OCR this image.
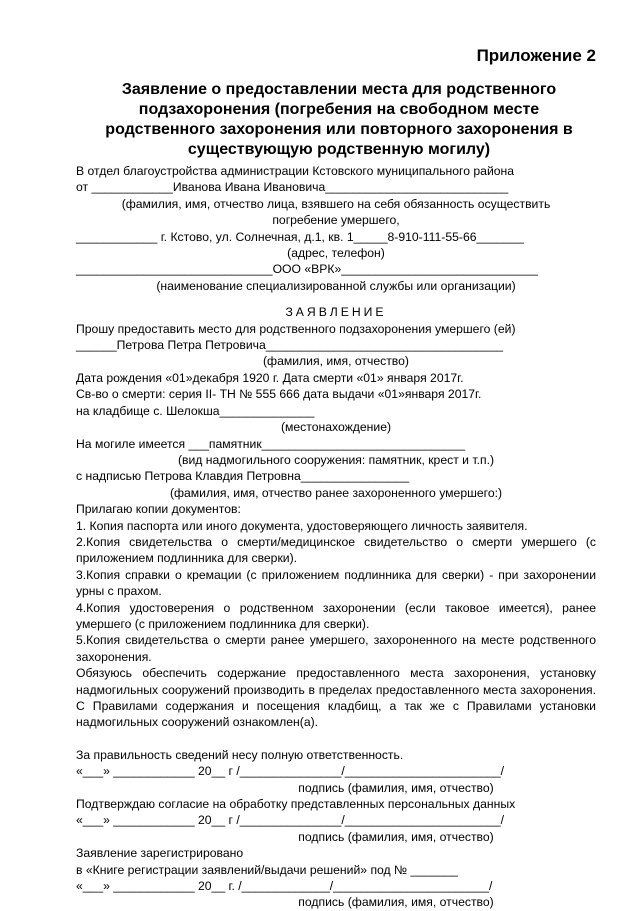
Приложение 2
Заявление о предоставлении места для родственного
подзахоронения (погребения на свободном месте
родственного захоронения или повторного захоронения в
существующую родственную могилу)

В отдел благоустройства администрации Кстовского муниципального района

от ____________Иванова Ивана Ивановича___________________________

(фамилия, имя, отчество лица, взявшего на себя обязанность осуществить

погребение умершего,

____________ г. Кстово, ул. Солнечная, д.1, кв. 1_____8-910-111-55-66_______

(адрес, телефон)

_____________________________ООО «ВРК»_____________________________

(наименование специализированной службы или организации)

ЗАЯВЛЕНИЕ

Прошу предоставить место для родственного подзахоронения умершего (ей)

______Петрова Петра Петровича___________________________________

(фамилия, имя, отчество)

Дата рождения «01»декабря 1920 г. Дата смерти «01» января 2017г.

Св-во о смерти: серия II- ТН № 555 666 дата выдачи «01»января 2017г.

на кладбище с. Шелокша______________

(местонахождение)

На могиле имеется ___памятник______________________________

(вид надмогильного сооружения: памятник, крест и т.п.)

с надписью Петрова Клавдия Петровна________________

(фамилия, имя, отчество ранее захороненного умершего:)

Прилагаю копии документов:

1. Копия паспорта или иного документа, удостоверяющего личность заявителя.

2.Копия свидетельства о смерти/медицинское свидетельство о смерти умершего (с приложением подлинника для сверки).

3.Копия справки о кремации (с приложением подлинника для сверки) - при захоронении урны с прахом.

4.Копия удостоверения о родственном захоронении (если таковое имеется), ранее умершего (с приложением подлинника для сверки).

5.Копия свидетельства о смерти ранее умершего, захороненного на месте родственного захоронения.

Обязуюсь обеспечить содержание предоставленного места захоронения, установку надмогильных сооружений производить в пределах предоставленного места захоронения. С Правилами содержания и посещения кладбищ, а так же с Правилами установки надмогильных сооружений ознакомлен(а).

За правильность сведений несу полную ответственность.

«___» ____________ 20__ г /_______________/_______________________/

подпись (фамилия, имя, отчество)

Подтверждаю согласие на обработку представленных персональных данных

«___» ____________ 20__ г /_______________/_______________________/

подпись (фамилия, имя, отчество)

Заявление зарегистрировано

в «Книге регистрации заявлений/выдачи решений» под № _______

«___» ____________ 20__ г. /_____________/_______________________/

подпись (фамилия, имя, отчество)
